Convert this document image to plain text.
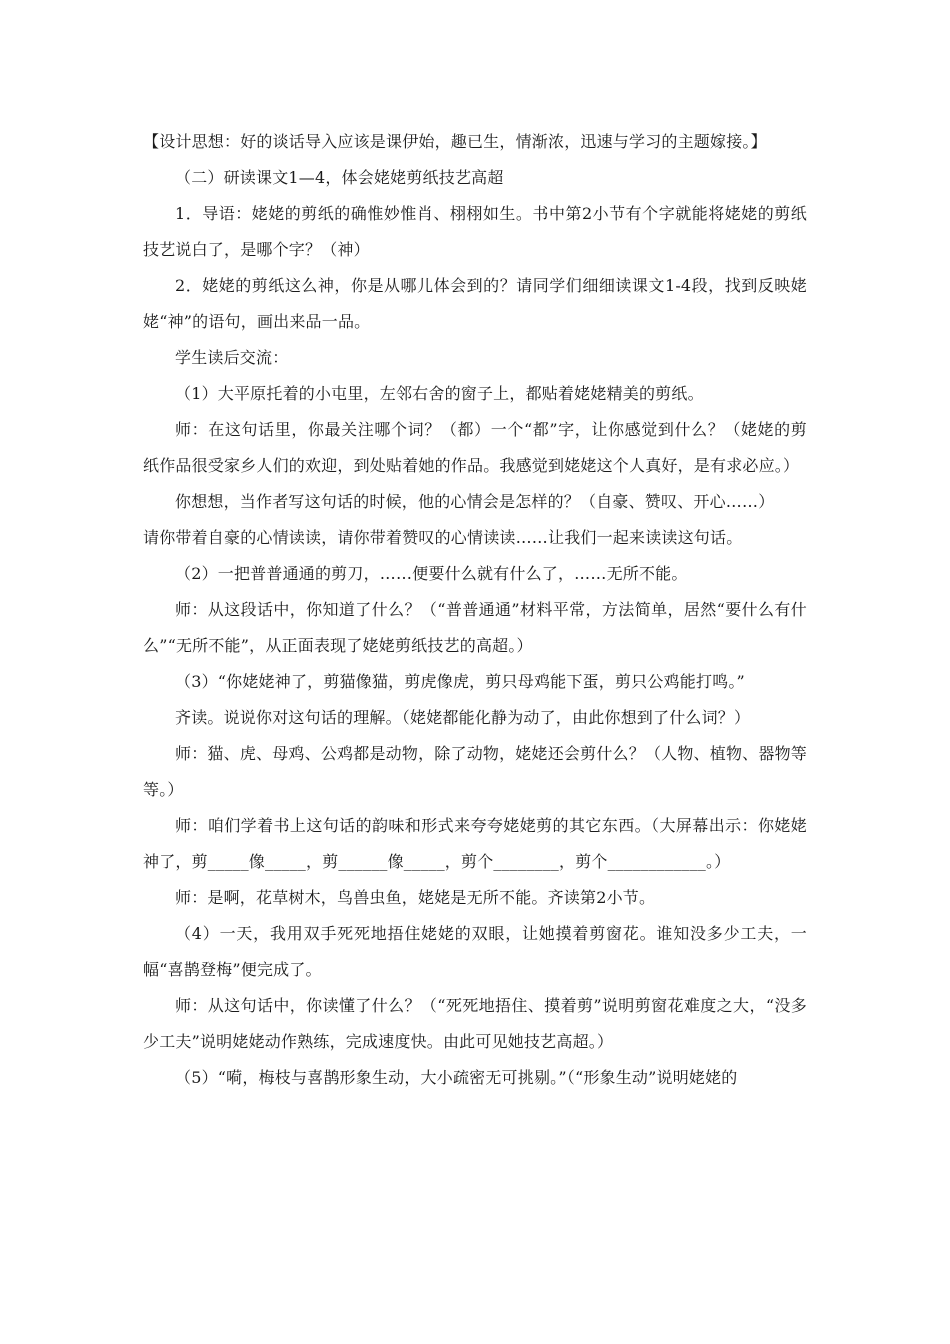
【设计思想：好的谈话导入应该是课伊始，趣已生，情渐浓，迅速与学习的主题嫁接。】

（二）研读课文1—4，体会姥姥剪纸技艺高超

1．导语：姥姥的剪纸的确惟妙惟肖、栩栩如生。书中第2小节有个字就能将姥姥的剪纸技艺说白了，是哪个字？（神）

2．姥姥的剪纸这么神，你是从哪儿体会到的？请同学们细细读课文1-4段，找到反映姥姥“神”的语句，画出来品一品。

学生读后交流：

（1）大平原托着的小屯里，左邻右舍的窗子上，都贴着姥姥精美的剪纸。

师：在这句话里，你最关注哪个词？（都）一个“都”字，让你感觉到什么？（姥姥的剪纸作品很受家乡人们的欢迎，到处贴着她的作品。我感觉到姥姥这个人真好，是有求必应。）

你想想，当作者写这句话的时候，他的心情会是怎样的？（自豪、赞叹、开心……）

请你带着自豪的心情读读，请你带着赞叹的心情读读……让我们一起来读读这句话。

（2）一把普普通通的剪刀，……便要什么就有什么了，……无所不能。

师：从这段话中，你知道了什么？（“普普通通”材料平常，方法简单，居然“要什么有什么”“无所不能”，从正面表现了姥姥剪纸技艺的高超。）

（3）“你姥姥神了，剪猫像猫，剪虎像虎，剪只母鸡能下蛋，剪只公鸡能打鸣。”

齐读。说说你对这句话的理解。（姥姥都能化静为动了，由此你想到了什么词？）

师：猫、虎、母鸡、公鸡都是动物，除了动物，姥姥还会剪什么？（人物、植物、器物等等。）

师：咱们学着书上这句话的韵味和形式来夸夸姥姥剪的其它东西。（大屏幕出示：你姥姥神了，剪_____像_____，剪______像_____，剪个________，剪个____________。）

师：是啊，花草树木，鸟兽虫鱼，姥姥是无所不能。齐读第2小节。

（4）一天，我用双手死死地捂住姥姥的双眼，让她摸着剪窗花。谁知没多少工夫，一幅“喜鹊登梅”便完成了。

师：从这句话中，你读懂了什么？（“死死地捂住、摸着剪”说明剪窗花难度之大，“没多少工夫”说明姥姥动作熟练，完成速度快。由此可见她技艺高超。）

（5）“嗬，梅枝与喜鹊形象生动，大小疏密无可挑剔。”（“形象生动”说明姥姥的
